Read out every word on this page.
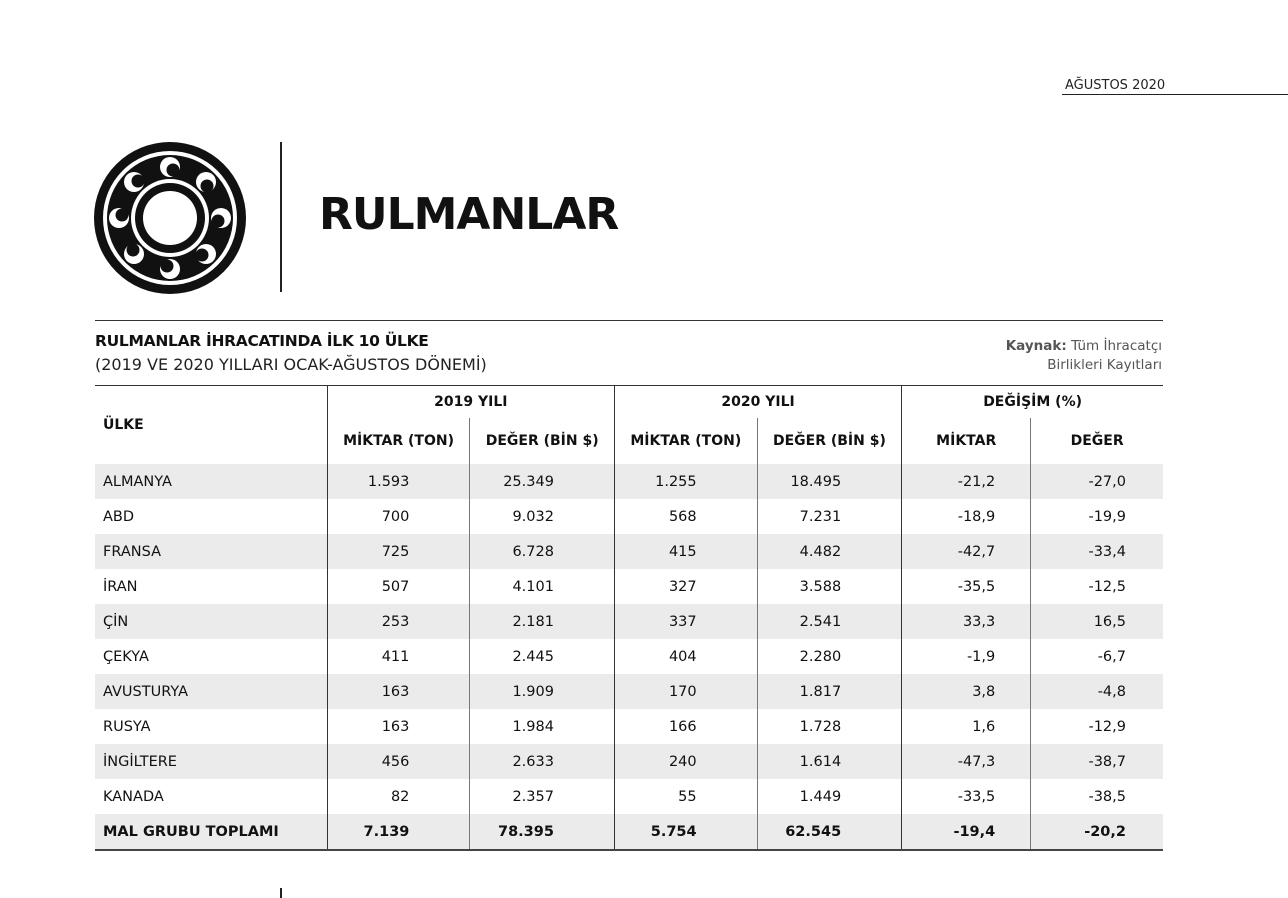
AĞUSTOS 2020
RULMANLAR
RULMANLAR İHRACATINDA İLK 10 ÜLKE
(2019 VE 2020 YILLARI OCAK-AĞUSTOS DÖNEMİ)
Kaynak: Tüm İhracatçı
Birlikleri Kayıtları
ÜLKE	2019 YILI		2020 YILI		DEĞİŞİM (%)	
	MİKTAR (TON)	DEĞER (BİN $)	MİKTAR (TON)	DEĞER (BİN $)	MİKTAR	DEĞER
ALMANYA	1.593	25.349	1.255	18.495	-21,2	-27,0
ABD	700	9.032	568	7.231	-18,9	-19,9
FRANSA	725	6.728	415	4.482	-42,7	-33,4
İRAN	507	4.101	327	3.588	-35,5	-12,5
ÇİN	253	2.181	337	2.541	33,3	16,5
ÇEKYA	411	2.445	404	2.280	-1,9	-6,7
AVUSTURYA	163	1.909	170	1.817	3,8	-4,8
RUSYA	163	1.984	166	1.728	1,6	-12,9
İNGİLTERE	456	2.633	240	1.614	-47,3	-38,7
KANADA	82	2.357	55	1.449	-33,5	-38,5
MAL GRUBU TOPLAMI	7.139	78.395	5.754	62.545	-19,4	-20,2
